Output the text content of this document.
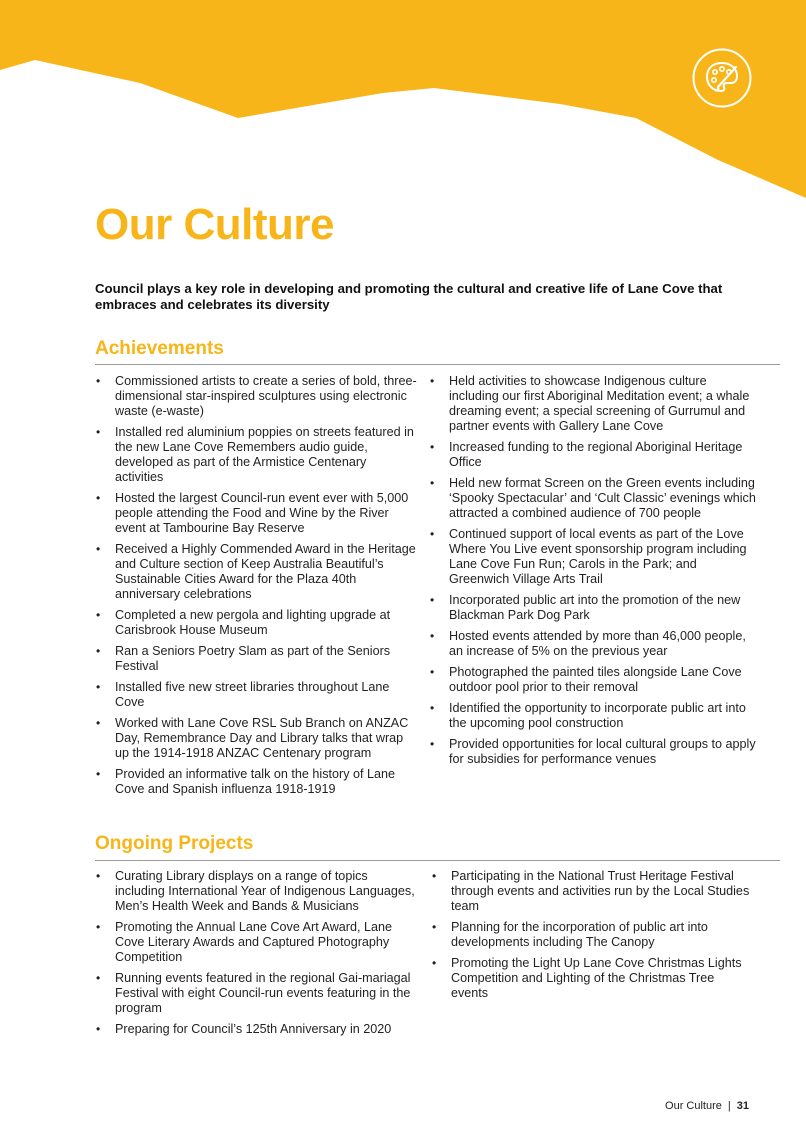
Our Culture

Council plays a key role in developing and promoting the cultural and creative life of Lane Cove that embraces and celebrates its diversity

Achievements
• Commissioned artists to create a series of bold, three-dimensional star-inspired sculptures using electronic waste (e-waste)
• Installed red aluminium poppies on streets featured in the new Lane Cove Remembers audio guide, developed as part of the Armistice Centenary activities
• Hosted the largest Council-run event ever with 5,000 people attending the Food and Wine by the River event at Tambourine Bay Reserve
• Received a Highly Commended Award in the Heritage and Culture section of Keep Australia Beautiful’s Sustainable Cities Award for the Plaza 40th anniversary celebrations
• Completed a new pergola and lighting upgrade at Carisbrook House Museum
• Ran a Seniors Poetry Slam as part of the Seniors Festival
• Installed five new street libraries throughout Lane Cove
• Worked with Lane Cove RSL Sub Branch on ANZAC Day, Remembrance Day and Library talks that wrap up the 1914-1918 ANZAC Centenary program
• Provided an informative talk on the history of Lane Cove and Spanish influenza 1918-1919
• Held activities to showcase Indigenous culture including our first Aboriginal Meditation event; a whale dreaming event; a special screening of Gurrumul and partner events with Gallery Lane Cove
• Increased funding to the regional Aboriginal Heritage Office
• Held new format Screen on the Green events including ‘Spooky Spectacular’ and ‘Cult Classic’ evenings which attracted a combined audience of 700 people
• Continued support of local events as part of the Love Where You Live event sponsorship program including Lane Cove Fun Run; Carols in the Park; and Greenwich Village Arts Trail
• Incorporated public art into the promotion of the new Blackman Park Dog Park
• Hosted events attended by more than 46,000 people, an increase of 5% on the previous year
• Photographed the painted tiles alongside Lane Cove outdoor pool prior to their removal
• Identified the opportunity to incorporate public art into the upcoming pool construction
• Provided opportunities for local cultural groups to apply for subsidies for performance venues
Ongoing Projects
• Curating Library displays on a range of topics including International Year of Indigenous Languages, Men’s Health Week and Bands & Musicians
• Promoting the Annual Lane Cove Art Award, Lane Cove Literary Awards and Captured Photography Competition
• Running events featured in the regional Gai-mariagal Festival with eight Council-run events featuring in the program
• Preparing for Council’s 125th Anniversary in 2020
• Participating in the National Trust Heritage Festival through events and activities run by the Local Studies team
• Planning for the incorporation of public art into developments including The Canopy
• Promoting the Light Up Lane Cove Christmas Lights Competition and Lighting of the Christmas Tree events
Our Culture | 31
